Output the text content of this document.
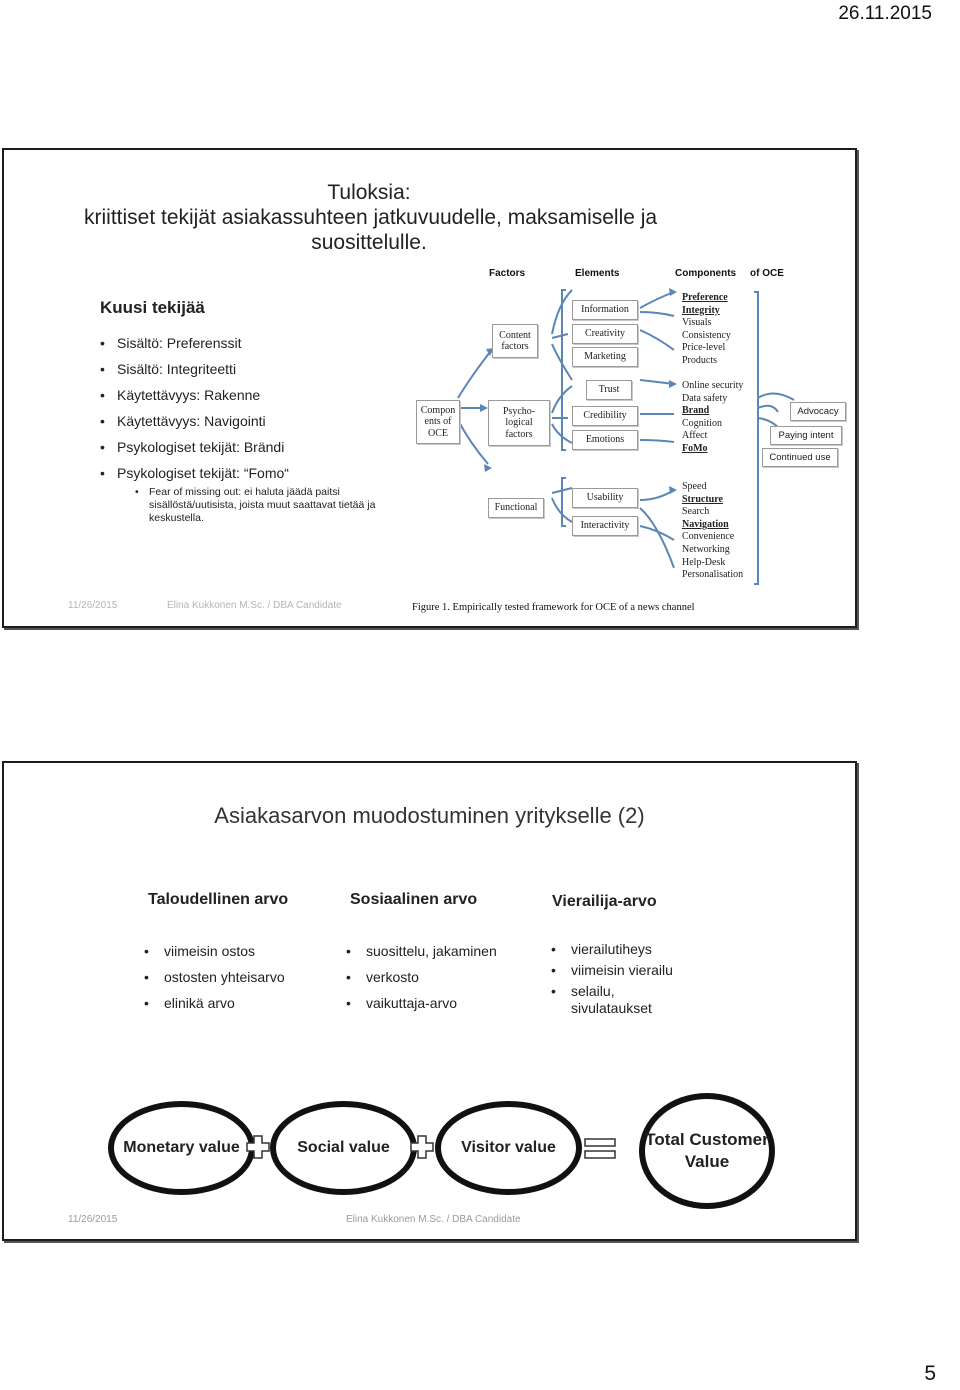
26.11.2015
Tuloksia:
kriittiset tekijät asiakassuhteen jatkuvuudelle, maksamiselle ja
suosittelulle.
Kuusi tekijää
• Sisältö: Preferenssit
• Sisältö: Integriteetti
• Käytettävyys: Rakenne
• Käytettävyys: Navigointi
• Psykologiset tekijät: Brändi
• Psykologiset tekijät: “Fomo“
• Fear of missing out: ei haluta jäädä paitsi sisällöstä/uutisista, joista muut saattavat tietää ja keskustella.
Factors	Elements	Components of OCE
Compon ents of OCE
Content factors
Psycho- logical factors
Functional
Information
Creativity
Marketing
Trust
Credibility
Emotions
Usability
Interactivity
Preference
Integrity
Visuals
Consistency
Price-level
Products
Online security
Data safety
Brand
Cognition
Affect
FoMo
Speed
Structure
Search
Navigation
Convenience
Networking
Help-Desk
Personalisation
Advocacy
Paying intent
Continued use
Figure 1. Empirically tested framework for OCE of a news channel
11/26/2015	Elina Kukkonen M.Sc. / DBA Candidate
Asiakasarvon muodostuminen yritykselle (2)
Taloudellinen arvo	Sosiaalinen arvo	Vierailija-arvo
• viimeisin ostos
• ostosten yhteisarvo
• elinikä arvo
• suosittelu, jakaminen
• verkosto
• vaikuttaja-arvo
• vierailutiheys
• viimeisin vierailu
• selailu, sivulataukset
Monetary value	Social value	Visitor value	Total Customer Value
11/26/2015	Elina Kukkonen M.Sc. / DBA Candidate
5
